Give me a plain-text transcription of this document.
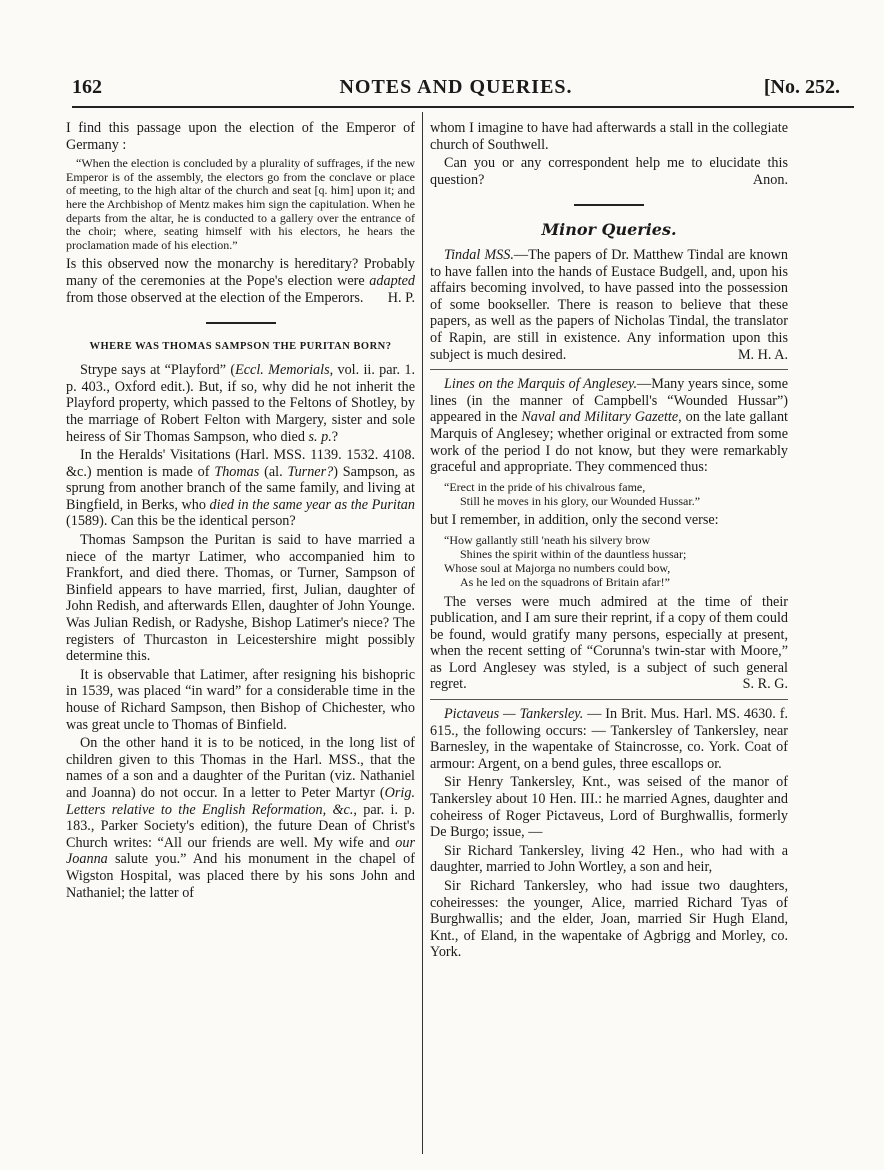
162	NOTES AND QUERIES.	[No. 252.

I find this passage upon the election of the Emperor of Germany :

“When the election is concluded by a plurality of suffrages, if the new Emperor is of the assembly, the electors go from the conclave or place of meeting, to the high altar of the church and seat [q. him] upon it; and here the Archbishop of Mentz makes him sign the capitulation. When he departs from the altar, he is conducted to a gallery over the entrance of the choir; where, seating himself with his electors, he hears the proclamation made of his election.”

Is this observed now the monarchy is hereditary? Probably many of the ceremonies at the Pope's election were adapted from those observed at the election of the Emperors. H. P.

WHERE WAS THOMAS SAMPSON THE PURITAN BORN?

Strype says at “Playford” (Eccl. Memorials, vol. ii. par. 1. p. 403., Oxford edit.). But, if so, why did he not inherit the Playford property, which passed to the Feltons of Shotley, by the marriage of Robert Felton with Margery, sister and sole heiress of Sir Thomas Sampson, who died s. p.?

In the Heralds' Visitations (Harl. MSS. 1139. 1532. 4108. &c.) mention is made of Thomas (al. Turner?) Sampson, as sprung from another branch of the same family, and living at Bingfield, in Berks, who died in the same year as the Puritan (1589). Can this be the identical person?

Thomas Sampson the Puritan is said to have married a niece of the martyr Latimer, who accompanied him to Frankfort, and died there. Thomas, or Turner, Sampson of Binfield appears to have married, first, Julian, daughter of John Redish, and afterwards Ellen, daughter of John Younge. Was Julian Redish, or Radyshe, Bishop Latimer's niece? The registers of Thurcaston in Leicestershire might possibly determine this.

It is observable that Latimer, after resigning his bishopric in 1539, was placed “in ward” for a considerable time in the house of Richard Sampson, then Bishop of Chichester, who was great uncle to Thomas of Binfield.

On the other hand it is to be noticed, in the long list of children given to this Thomas in the Harl. MSS., that the names of a son and a daughter of the Puritan (viz. Nathaniel and Joanna) do not occur. In a letter to Peter Martyr (Orig. Letters relative to the English Reformation, &c., par. i. p. 183., Parker Society's edition), the future Dean of Christ's Church writes: “All our friends are well. My wife and our Joanna salute you.” And his monument in the chapel of Wigston Hospital, was placed there by his sons John and Nathaniel; the latter of

whom I imagine to have had afterwards a stall in the collegiate church of Southwell.

Can you or any correspondent help me to elucidate this question?	Anon.

Minor Queries.

Tindal MSS.—The papers of Dr. Matthew Tindal are known to have fallen into the hands of Eustace Budgell, and, upon his affairs becoming involved, to have passed into the possession of some bookseller. There is reason to believe that these papers, as well as the papers of Nicholas Tindal, the translator of Rapin, are still in existence. Any information upon this subject is much desired.	M. H. A.

Lines on the Marquis of Anglesey.—Many years since, some lines (in the manner of Campbell's “Wounded Hussar”) appeared in the Naval and Military Gazette, on the late gallant Marquis of Anglesey; whether original or extracted from some work of the period I do not know, but they were remarkably graceful and appropriate. They commenced thus:

“Erect in the pride of his chivalrous fame,
Still he moves in his glory, our Wounded Hussar.”

but I remember, in addition, only the second verse:

“How gallantly still 'neath his silvery brow
Shines the spirit within of the dauntless hussar;
Whose soul at Majorga no numbers could bow,
As he led on the squadrons of Britain afar!”

The verses were much admired at the time of their publication, and I am sure their reprint, if a copy of them could be found, would gratify many persons, especially at present, when the recent setting of “Corunna's twin-star with Moore,” as Lord Anglesey was styled, is a subject of such general regret.	S. R. G.

Pictaveus — Tankersley. — In Brit. Mus. Harl. MS. 4630. f. 615., the following occurs: — Tankersley of Tankersley, near Barnesley, in the wapentake of Staincrosse, co. York. Coat of armour: Argent, on a bend gules, three escallops or.

Sir Henry Tankersley, Knt., was seised of the manor of Tankersley about 10 Hen. III.: he married Agnes, daughter and coheiress of Roger Pictaveus, Lord of Burghwallis, formerly De Burgo; issue, —

Sir Richard Tankersley, living 42 Hen., who had with a daughter, married to John Wortley, a son and heir,

Sir Richard Tankersley, who had issue two daughters, coheiresses: the younger, Alice, married Richard Tyas of Burghwallis; and the elder, Joan, married Sir Hugh Eland, Knt., of Eland, in the wapentake of Agbrigg and Morley, co. York.
